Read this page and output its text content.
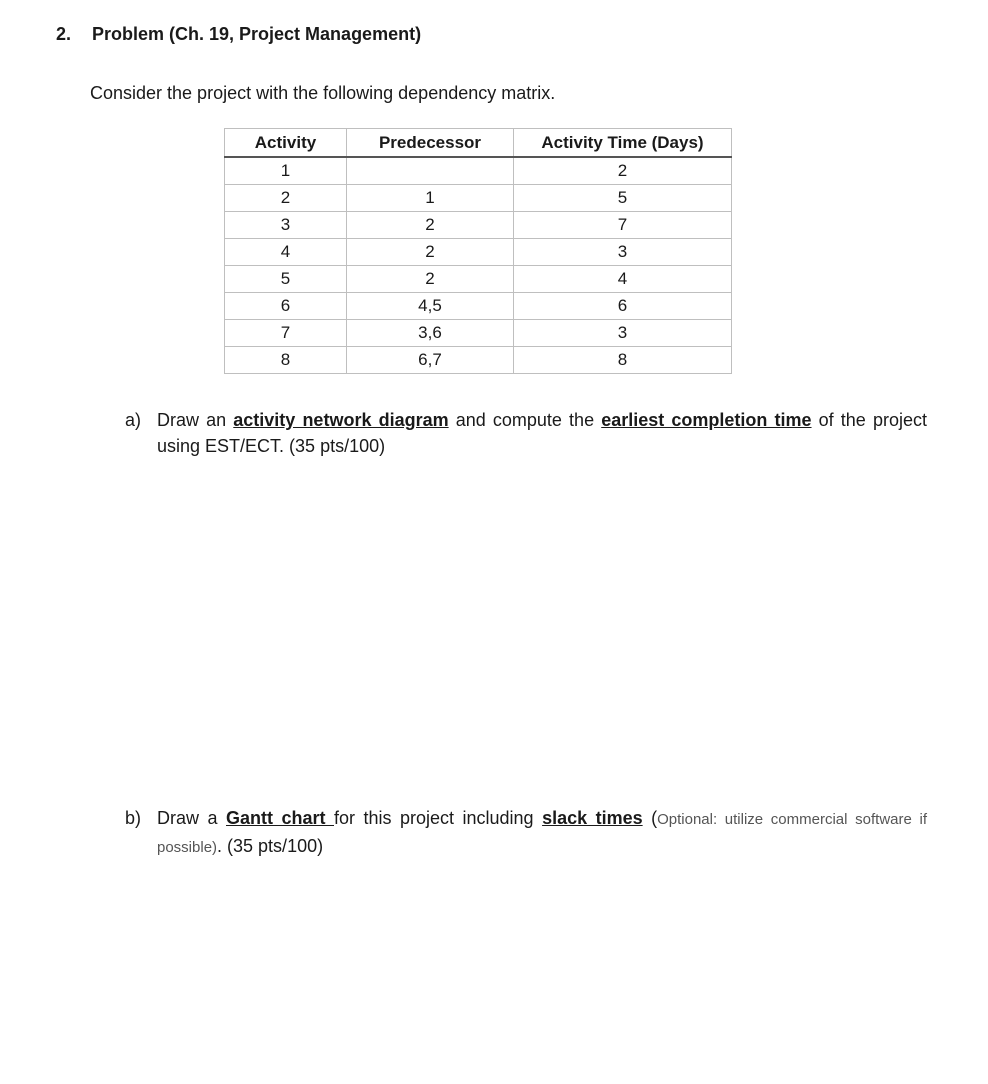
2. Problem (Ch. 19, Project Management)
Consider the project with the following dependency matrix.
Activity	Predecessor	Activity Time (Days)
1		2
2	1	5
3	2	7
4	2	3
5	2	4
6	4,5	6
7	3,6	3
8	6,7	8
a) Draw an activity network diagram and compute the earliest completion time of the project using EST/ECT. (35 pts/100)
b) Draw a Gantt chart for this project including slack times (Optional: utilize commercial software if possible). (35 pts/100)
